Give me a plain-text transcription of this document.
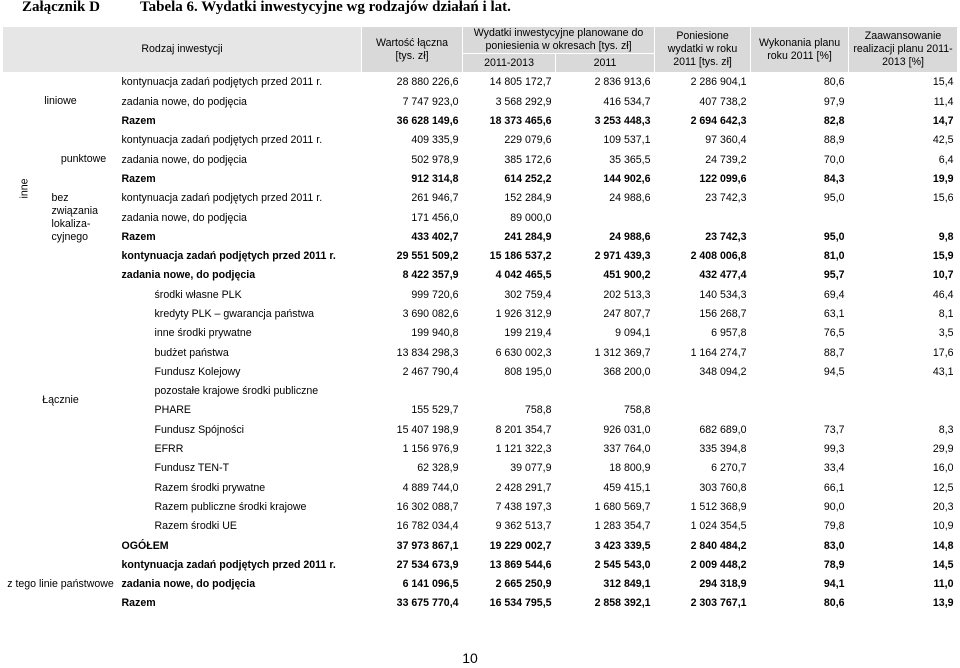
Załącznik D	Tabela 6. Wydatki inwestycyjne wg rodzajów działań i lat.
Rodzaj inwestycji			Wartość łączna [tys. zł]	Wydatki inwestycyjne planowane do poniesienia w okresach [tys. zł]		Poniesione wydatki w roku 2011 [tys. zł]	Wykonania planu roku 2011 [%]	Zaawansowanie realizacji planu 2011-2013 [%]
				2011-2013	2011			
liniowe		kontynuacja zadań podjętych przed 2011 r.	28 880 226,6	14 805 172,7	2 836 913,6	2 286 904,1	80,6	15,4
		zadania nowe, do podjęcia	7 747 923,0	3 568 292,9	416 534,7	407 738,2	97,9	11,4
		Razem	36 628 149,6	18 373 465,6	3 253 448,3	2 694 642,3	82,8	14,7
inne	punktowe	kontynuacja zadań podjętych przed 2011 r.	409 335,9	229 079,6	109 537,1	97 360,4	88,9	42,5
		zadania nowe, do podjęcia	502 978,9	385 172,6	35 365,5	24 739,2	70,0	6,4
		Razem	912 314,8	614 252,2	144 902,6	122 099,6	84,3	19,9
	bez związania lokaliza-cyjnego	kontynuacja zadań podjętych przed 2011 r.	261 946,7	152 284,9	24 988,6	23 742,3	95,0	15,6
		zadania nowe, do podjęcia	171 456,0	89 000,0				
		Razem	433 402,7	241 284,9	24 988,6	23 742,3	95,0	9,8
Łącznie		kontynuacja zadań podjętych przed 2011 r.	29 551 509,2	15 186 537,2	2 971 439,3	2 408 006,8	81,0	15,9
		zadania nowe, do podjęcia	8 422 357,9	4 042 465,5	451 900,2	432 477,4	95,7	10,7
		środki własne PLK	999 720,6	302 759,4	202 513,3	140 534,3	69,4	46,4
		kredyty PLK – gwarancja państwa	3 690 082,6	1 926 312,9	247 807,7	156 268,7	63,1	8,1
		inne środki prywatne	199 940,8	199 219,4	9 094,1	6 957,8	76,5	3,5
		budżet państwa	13 834 298,3	6 630 002,3	1 312 369,7	1 164 274,7	88,7	17,6
		Fundusz Kolejowy	2 467 790,4	808 195,0	368 200,0	348 094,2	94,5	43,1
		pozostałe krajowe środki publiczne						
		PHARE	155 529,7	758,8	758,8			
		Fundusz Spójności	15 407 198,9	8 201 354,7	926 031,0	682 689,0	73,7	8,3
		EFRR	1 156 976,9	1 121 322,3	337 764,0	335 394,8	99,3	29,9
		Fundusz TEN-T	62 328,9	39 077,9	18 800,9	6 270,7	33,4	16,0
		Razem środki prywatne	4 889 744,0	2 428 291,7	459 415,1	303 760,8	66,1	12,5
		Razem publiczne środki krajowe	16 302 088,7	7 438 197,3	1 680 569,7	1 512 368,9	90,0	20,3
		Razem środki UE	16 782 034,4	9 362 513,7	1 283 354,7	1 024 354,5	79,8	10,9
		OGÓŁEM	37 973 867,1	19 229 002,7	3 423 339,5	2 840 484,2	83,0	14,8
z tego linie państwowe		kontynuacja zadań podjętych przed 2011 r.	27 534 673,9	13 869 544,6	2 545 543,0	2 009 448,2	78,9	14,5
		zadania nowe, do podjęcia	6 141 096,5	2 665 250,9	312 849,1	294 318,9	94,1	11,0
		Razem	33 675 770,4	16 534 795,5	2 858 392,1	2 303 767,1	80,6	13,9
10
